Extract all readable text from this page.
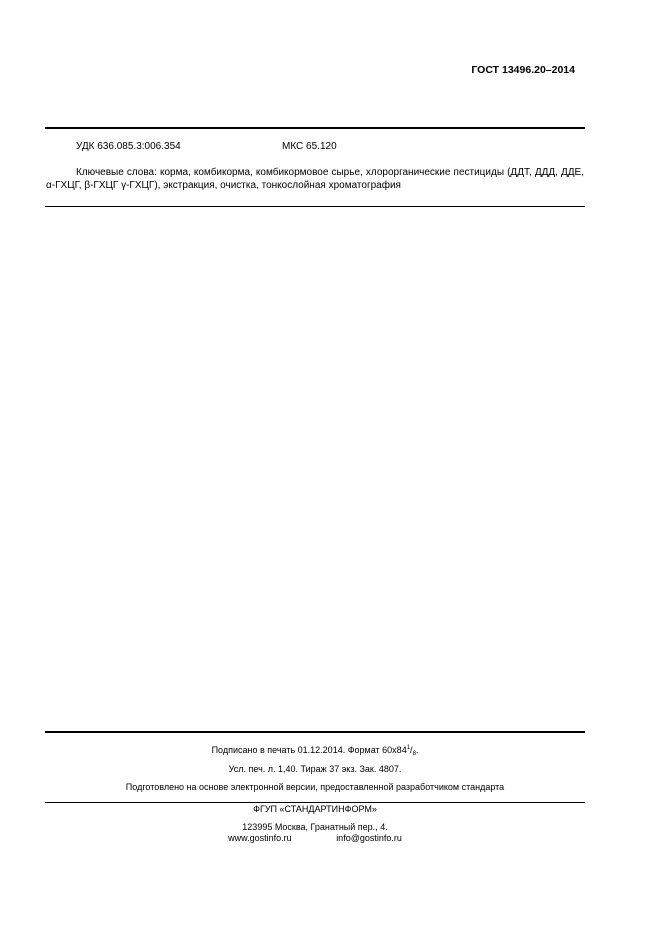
ГОСТ 13496.20–2014
УДК 636.085.3:006.354	МКС 65.120
Ключевые слова: корма, комбикорма, комбикормовое сырье, хлорорганические пестициды (ДДТ, ДДД, ДДЕ, α-ГХЦГ, β-ГХЦГ γ-ГХЦГ), экстракция, очистка, тонкослойная хроматография
Подписано в печать 01.12.2014. Формат $60х84^1/_8$.
Усл. печ. л. 1,40. Тираж 37 экз. Зак. 4807.
Подготовлено на основе электронной версии, предоставленной разработчиком стандарта
ФГУП «СТАНДАРТИНФОРМ»
123995 Москва, Гранатный пер., 4.
www.gostinfo.ru	info@gostinfo.ru
